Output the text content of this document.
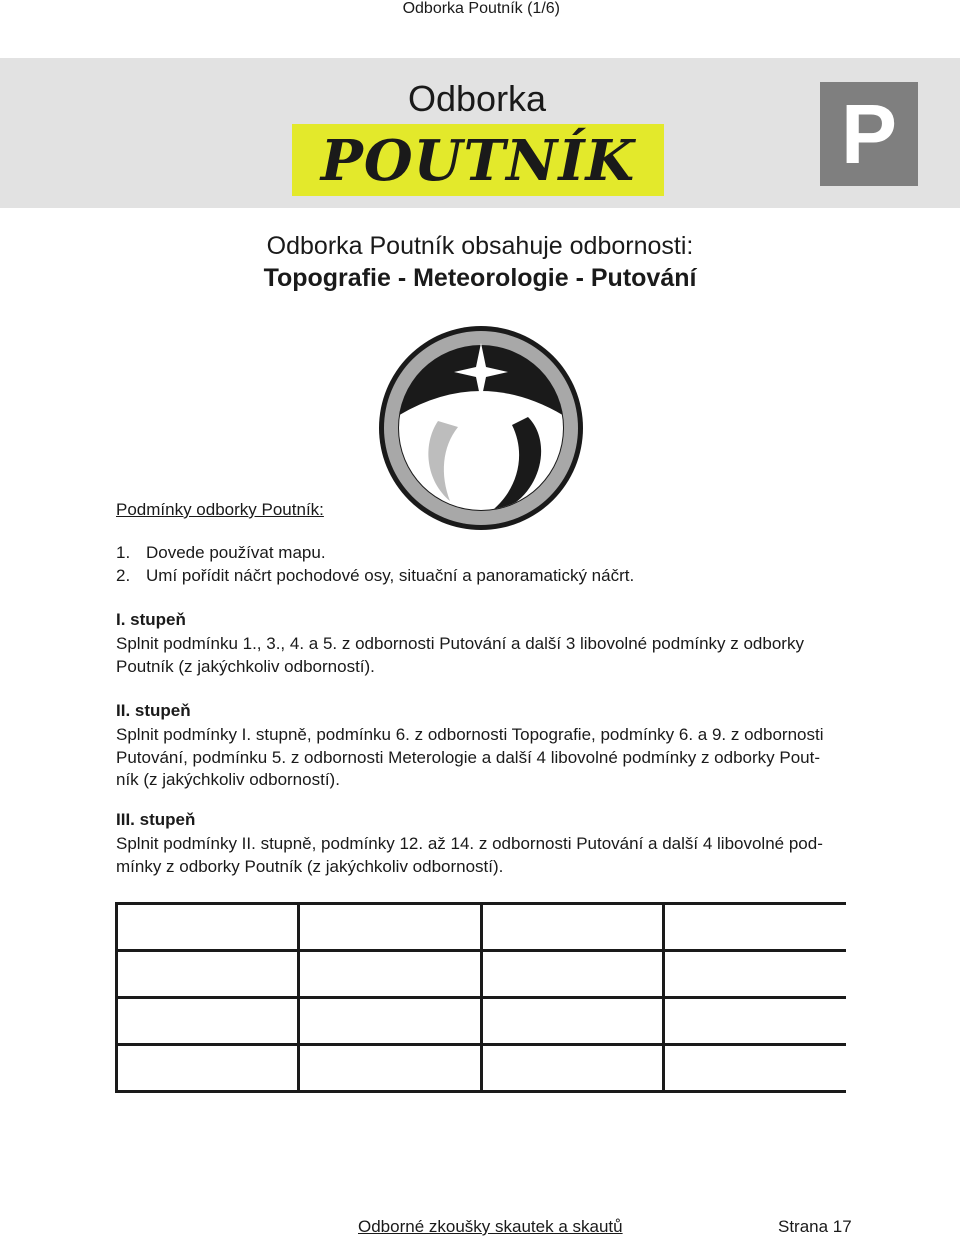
Odborka Poutník (1/6)
Odborka
POUTNÍK	P
Odborka Poutník obsahuje odbornosti:
Topografie - Meteorologie - Putování
Podmínky odborky Poutník:
1. Dovede používat mapu.
2. Umí pořídit náčrt pochodové osy, situační a panoramatický náčrt.
I. stupeň
Splnit podmínku 1., 3., 4. a 5. z odbornosti Putování a další 3 libovolné podmínky z odborky
Poutník (z jakýchkoliv odborností).
II. stupeň
Splnit podmínky I. stupně, podmínku 6. z odbornosti Topografie, podmínky 6. a 9. z odbornosti
Putování, podmínku 5. z odbornosti Meterologie a další 4 libovolné podmínky z odborky Pout-
ník (z jakýchkoliv odborností).
III. stupeň
Splnit podmínky II. stupně, podmínky 12. až 14. z odbornosti Putování a další 4 libovolné pod-
mínky z odborky Poutník (z jakýchkoliv odborností).

Odborné zkoušky skautek a skautů	Strana 17
